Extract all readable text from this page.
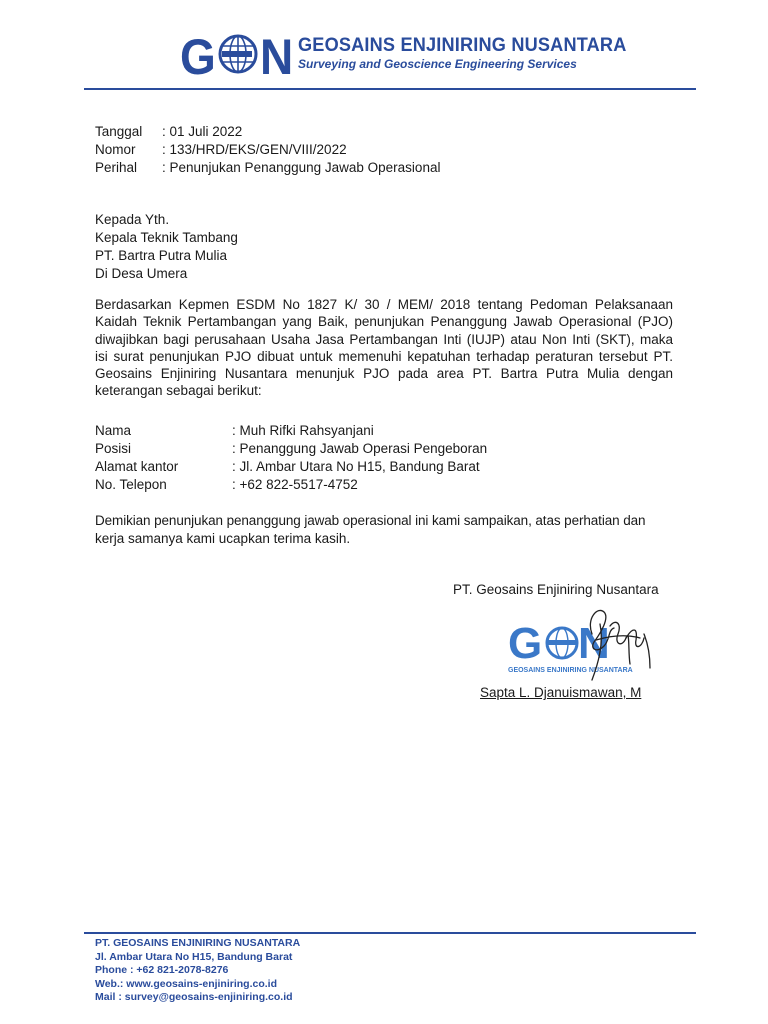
G N GEOSAINS ENJINIRING NUSANTARA
Surveying and Geoscience Engineering Services
Tanggal : 01 Juli 2022
Nomor : 133/HRD/EKS/GEN/VIII/2022
Perihal : Penunjukan Penanggung Jawab Operasional
Kepada Yth.
Kepala Teknik Tambang
PT. Bartra Putra Mulia
Di Desa Umera
Berdasarkan Kepmen ESDM No 1827 K/ 30 / MEM/ 2018 tentang Pedoman Pelaksanaan
Kaidah Teknik Pertambangan yang Baik, penunjukan Penanggung Jawab Operasional (PJO)
diwajibkan bagi perusahaan Usaha Jasa Pertambangan Inti (IUJP) atau Non Inti (SKT), maka
isi surat penunjukan PJO dibuat untuk memenuhi kepatuhan terhadap peraturan tersebut PT.
Geosains Enjiniring Nusantara menunjuk PJO pada area PT. Bartra Putra Mulia dengan
keterangan sebagai berikut:
Nama	: Muh Rifki Rahsyanjani
Posisi	: Penanggung Jawab Operasi Pengeboran
Alamat kantor	: Jl. Ambar Utara No H15, Bandung Barat
No. Telepon	: +62 822-5517-4752
Demikian penunjukan penanggung jawab operasional ini kami sampaikan, atas perhatian dan
kerja samanya kami ucapkan terima kasih.
PT. Geosains Enjiniring Nusantara
G N
GEOSAINS ENJINIRING NUSANTARA
Sapta L. Djanuismawan, M
PT. GEOSAINS ENJINIRING NUSANTARA
Jl. Ambar Utara No H15, Bandung Barat
Phone : +62 821-2078-8276
Web.: www.geosains-enjiniring.co.id
Mail : survey@geosains-enjiniring.co.id
